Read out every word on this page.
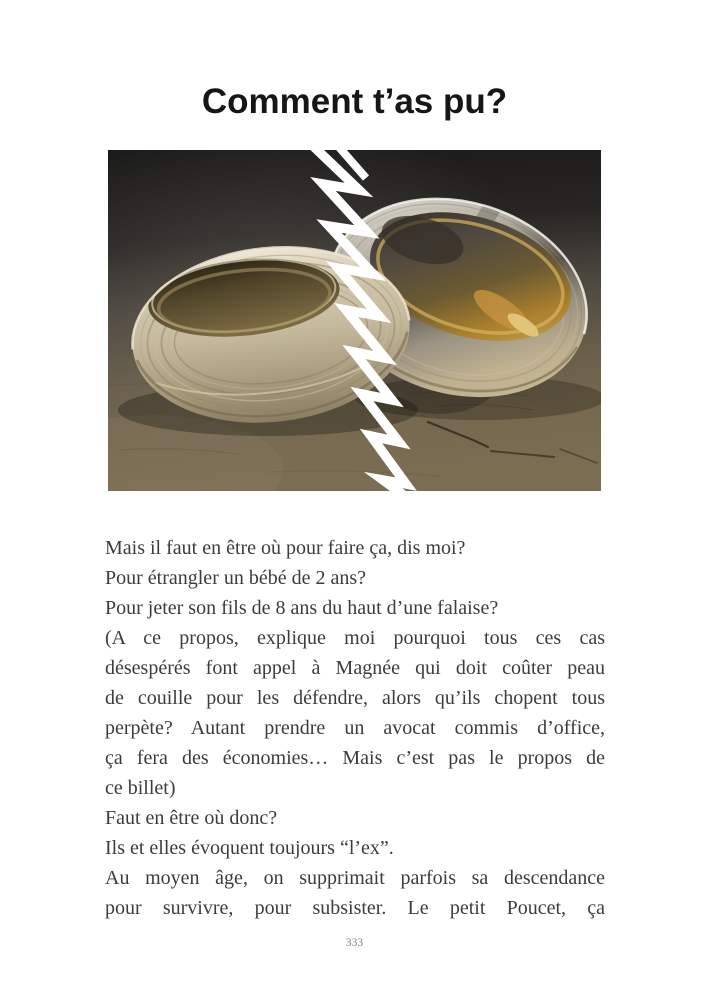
Comment t’as pu?
Mais il faut en être où pour faire ça, dis moi?
Pour étrangler un bébé de 2 ans?
Pour jeter son fils de 8 ans du haut d’une falaise?
(A ce propos, explique moi pourquoi tous ces cas
désespérés font appel à Magnée qui doit coûter peau
de couille pour les défendre, alors qu’ils chopent tous
perpète? Autant prendre un avocat commis d’office,
ça fera des économies… Mais c’est pas le propos de
ce billet)
Faut en être où donc?
Ils et elles évoquent toujours “l’ex”.
Au moyen âge, on supprimait parfois sa descendance
pour survivre, pour subsister. Le petit Poucet, ça
333
